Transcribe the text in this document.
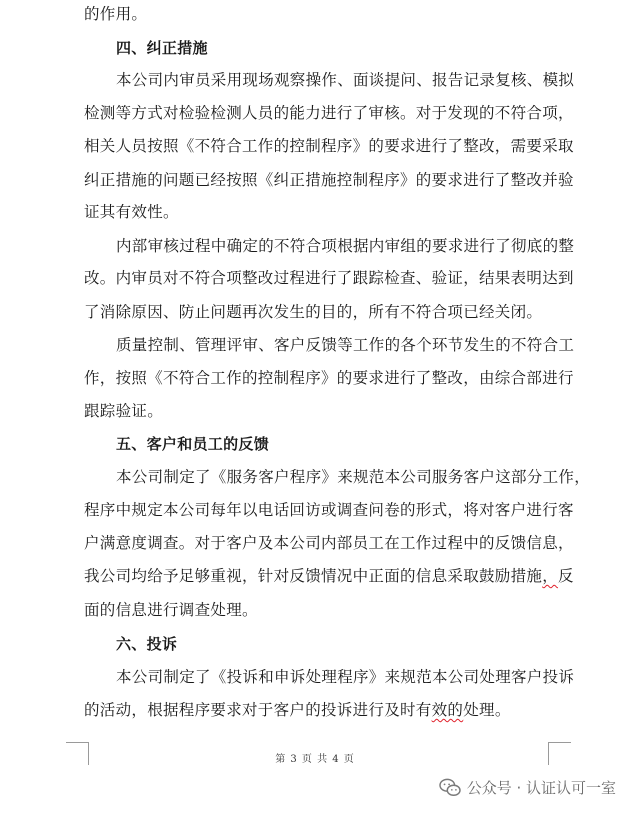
的作用。

四、纠正措施

本公司内审员采用现场观察操作、面谈提问、报告记录复核、模拟

检测等方式对检验检测人员的能力进行了审核。对于发现的不符合项，

相关人员按照《不符合工作的控制程序》的要求进行了整改，需要采取

纠正措施的问题已经按照《纠正措施控制程序》的要求进行了整改并验

证其有效性。

内部审核过程中确定的不符合项根据内审组的要求进行了彻底的整

改。内审员对不符合项整改过程进行了跟踪检查、验证，结果表明达到

了消除原因、防止问题再次发生的目的，所有不符合项已经关闭。

质量控制、管理评审、客户反馈等工作的各个环节发生的不符合工

作，按照《不符合工作的控制程序》的要求进行了整改，由综合部进行

跟踪验证。

五、客户和员工的反馈

本公司制定了《服务客户程序》来规范本公司服务客户这部分工作，

程序中规定本公司每年以电话回访或调查问卷的形式，将对客户进行客

户满意度调查。对于客户及本公司内部员工在工作过程中的反馈信息，

我公司均给予足够重视，针对反馈情况中正面的信息采取鼓励措施，反

面的信息进行调查处理。

六、投诉

本公司制定了《投诉和申诉处理程序》来规范本公司处理客户投诉

的活动，根据程序要求对于客户的投诉进行及时有效的处理。

第 3 页 共 4 页
公众号 · 认证认可一室
